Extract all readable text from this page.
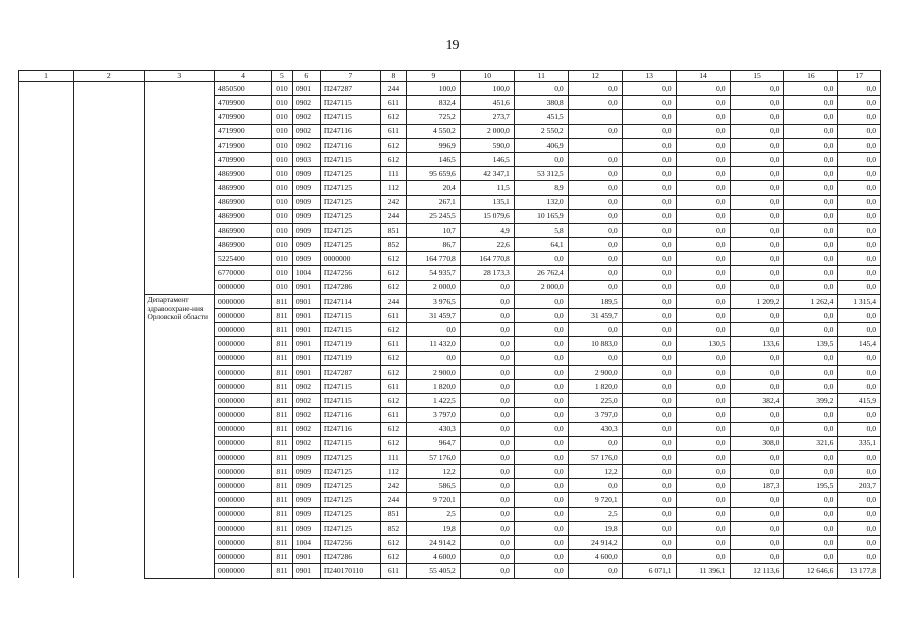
19
1	2	3	4	5	6	7	8	9	10	11	12	13	14	15	16	17
			4850500	010	0901	П247287	244	100,0	100,0	0,0	0,0	0,0	0,0	0,0	0,0	0,0
			4709900	010	0902	П247115	611	832,4	451,6	380,8	0,0	0,0	0,0	0,0	0,0	0,0
			4709900	010	0902	П247115	612	725,2	273,7	451,5		0,0	0,0	0,0	0,0	0,0
			4719900	010	0902	П247116	611	4 550,2	2 000,0	2 550,2	0,0	0,0	0,0	0,0	0,0	0,0
			4719900	010	0902	П247116	612	996,9	590,0	406,9		0,0	0,0	0,0	0,0	0,0
			4709900	010	0903	П247115	612	146,5	146,5	0,0	0,0	0,0	0,0	0,0	0,0	0,0
			4869900	010	0909	П247125	111	95 659,6	42 347,1	53 312,5	0,0	0,0	0,0	0,0	0,0	0,0
			4869900	010	0909	П247125	112	20,4	11,5	8,9	0,0	0,0	0,0	0,0	0,0	0,0
			4869900	010	0909	П247125	242	267,1	135,1	132,0	0,0	0,0	0,0	0,0	0,0	0,0
			4869900	010	0909	П247125	244	25 245,5	15 079,6	10 165,9	0,0	0,0	0,0	0,0	0,0	0,0
			4869900	010	0909	П247125	851	10,7	4,9	5,8	0,0	0,0	0,0	0,0	0,0	0,0
			4869900	010	0909	П247125	852	86,7	22,6	64,1	0,0	0,0	0,0	0,0	0,0	0,0
			5225400	010	0909	0000000	612	164 770,8	164 770,8	0,0	0,0	0,0	0,0	0,0	0,0	0,0
			6770000	010	1004	П247256	612	54 935,7	28 173,3	26 762,4	0,0	0,0	0,0	0,0	0,0	0,0
			0000000	010	0901	П247286	612	2 000,0	0,0	2 000,0	0,0	0,0	0,0	0,0	0,0	0,0
		Департамент здравоохране-ния Орловской области	0000000	811	0901	П247114	244	3 976,5	0,0	0,0	189,5	0,0	0,0	1 209,2	1 262,4	1 315,4
			0000000	811	0901	П247115	611	31 459,7	0,0	0,0	31 459,7	0,0	0,0	0,0	0,0	0,0
			0000000	811	0901	П247115	612	0,0	0,0	0,0	0,0	0,0	0,0	0,0	0,0	0,0
			0000000	811	0901	П247119	611	11 432,0	0,0	0,0	10 883,0	0,0	130,5	133,6	139,5	145,4
			0000000	811	0901	П247119	612	0,0	0,0	0,0	0,0	0,0	0,0	0,0	0,0	0,0
			0000000	811	0901	П247287	612	2 900,0	0,0	0,0	2 900,0	0,0	0,0	0,0	0,0	0,0
			0000000	811	0902	П247115	611	1 820,0	0,0	0,0	1 820,0	0,0	0,0	0,0	0,0	0,0
			0000000	811	0902	П247115	612	1 422,5	0,0	0,0	225,0	0,0	0,0	382,4	399,2	415,9
			0000000	811	0902	П247116	611	3 797,0	0,0	0,0	3 797,0	0,0	0,0	0,0	0,0	0,0
			0000000	811	0902	П247116	612	430,3	0,0	0,0	430,3	0,0	0,0	0,0	0,0	0,0
			0000000	811	0902	П247115	612	964,7	0,0	0,0	0,0	0,0	0,0	308,0	321,6	335,1
			0000000	811	0909	П247125	111	57 176,0	0,0	0,0	57 176,0	0,0	0,0	0,0	0,0	0,0
			0000000	811	0909	П247125	112	12,2	0,0	0,0	12,2	0,0	0,0	0,0	0,0	0,0
			0000000	811	0909	П247125	242	586,5	0,0	0,0	0,0	0,0	0,0	187,3	195,5	203,7
			0000000	811	0909	П247125	244	9 720,1	0,0	0,0	9 720,1	0,0	0,0	0,0	0,0	0,0
			0000000	811	0909	П247125	851	2,5	0,0	0,0	2,5	0,0	0,0	0,0	0,0	0,0
			0000000	811	0909	П247125	852	19,8	0,0	0,0	19,8	0,0	0,0	0,0	0,0	0,0
			0000000	811	1004	П247256	612	24 914,2	0,0	0,0	24 914,2	0,0	0,0	0,0	0,0	0,0
			0000000	811	0901	П247286	612	4 600,0	0,0	0,0	4 600,0	0,0	0,0	0,0	0,0	0,0
			0000000	811	0901	П240170110	611	55 405,2	0,0	0,0	0,0	6 071,1	11 396,1	12 113,6	12 646,6	13 177,8
